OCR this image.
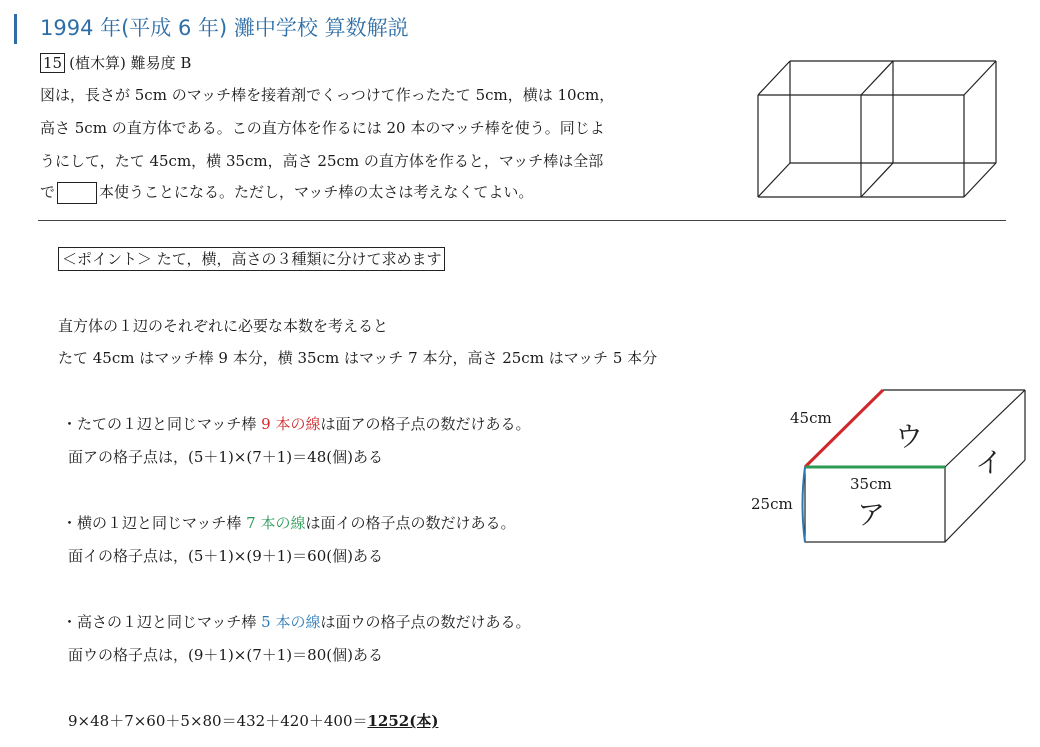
1994 年(平成 6 年) 灘中学校 算数解説
15 (植木算) 難易度 B
図は，長さが 5cm のマッチ棒を接着剤でくっつけて作ったたて 5cm，横は 10cm，
高さ 5cm の直方体である。この直方体を作るには 20 本のマッチ棒を使う。同じよ
うにして，たて 45cm，横 35cm，高さ 25cm の直方体を作ると，マッチ棒は全部
で	本使うことになる。ただし，マッチ棒の太さは考えなくてよい。
＜ポイント＞ たて，横，高さの３種類に分けて求めます
直方体の１辺のそれぞれに必要な本数を考えると
たて 45cm はマッチ棒 9 本分，横 35cm はマッチ 7 本分，高さ 25cm はマッチ 5 本分
・たての１辺と同じマッチ棒 9 本の線は面アの格子点の数だけある。
面アの格子点は，(5＋1)×(7＋1)＝48(個)ある
・横の１辺と同じマッチ棒 7 本の線は面イの格子点の数だけある。
面イの格子点は，(5＋1)×(9＋1)＝60(個)ある
・高さの１辺と同じマッチ棒 5 本の線は面ウの格子点の数だけある。
面ウの格子点は，(9＋1)×(7＋1)＝80(個)ある
9×48＋7×60＋5×80＝432＋420＋400＝1252(本)
45cm
35cm
25cm
ウ
イ
ア
